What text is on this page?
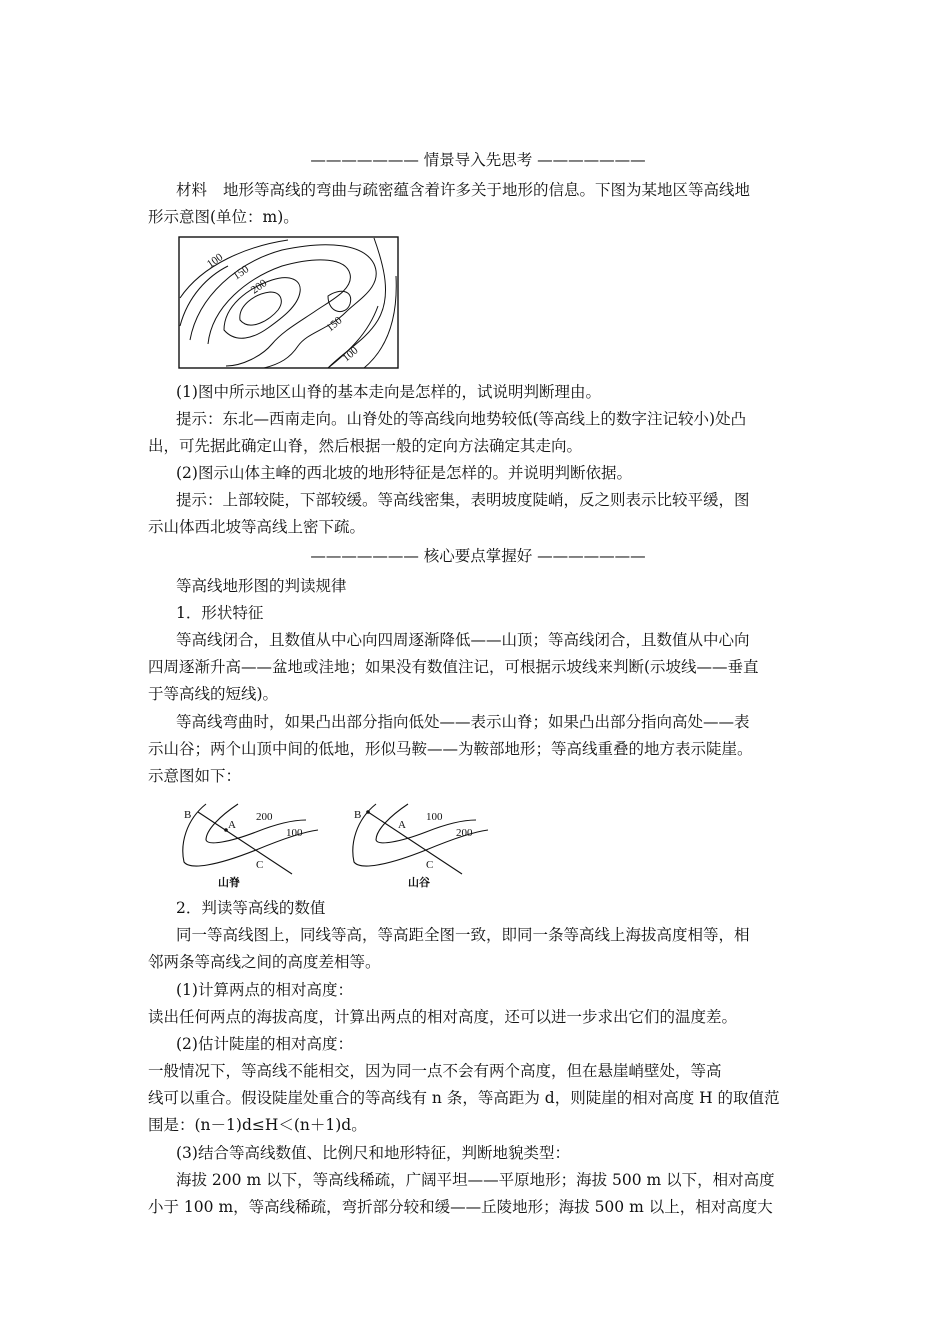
——————— 情景导入先思考 ———————
材料 地形等高线的弯曲与疏密蕴含着许多关于地形的信息。下图为某地区等高线地
形示意图(单位：m)。
100
150
200
150
100
(1)图中所示地区山脊的基本走向是怎样的，试说明判断理由。
提示：东北—西南走向。山脊处的等高线向地势较低(等高线上的数字注记较小)处凸
出，可先据此确定山脊，然后根据一般的定向方法确定其走向。
(2)图示山体主峰的西北坡的地形特征是怎样的。并说明判断依据。
提示：上部较陡，下部较缓。等高线密集，表明坡度陡峭，反之则表示比较平缓，图
示山体西北坡等高线上密下疏。
——————— 核心要点掌握好 ———————
等高线地形图的判读规律
1．形状特征
等高线闭合，且数值从中心向四周逐渐降低——山顶；等高线闭合，且数值从中心向
四周逐渐升高——盆地或洼地；如果没有数值注记，可根据示坡线来判断(示坡线——垂直
于等高线的短线)。
等高线弯曲时，如果凸出部分指向低处——表示山脊；如果凸出部分指向高处——表
示山谷；两个山顶中间的低地，形似马鞍——为鞍部地形；等高线重叠的地方表示陡崖。
示意图如下：
B
A
C
200
100
山脊
B
A
C
100
200
山谷
2．判读等高线的数值
同一等高线图上，同线等高，等高距全图一致，即同一条等高线上海拔高度相等，相
邻两条等高线之间的高度差相等。
(1)计算两点的相对高度：
读出任何两点的海拔高度，计算出两点的相对高度，还可以进一步求出它们的温度差。
(2)估计陡崖的相对高度：
一般情况下，等高线不能相交，因为同一点不会有两个高度，但在悬崖峭壁处，等高
线可以重合。假设陡崖处重合的等高线有 n 条，等高距为 d，则陡崖的相对高度 H 的取值范
围是：(n－1)d≤H＜(n＋1)d。
(3)结合等高线数值、比例尺和地形特征，判断地貌类型：
海拔 200 m 以下，等高线稀疏，广阔平坦——平原地形；海拔 500 m 以下，相对高度
小于 100 m，等高线稀疏，弯折部分较和缓——丘陵地形；海拔 500 m 以上，相对高度大
